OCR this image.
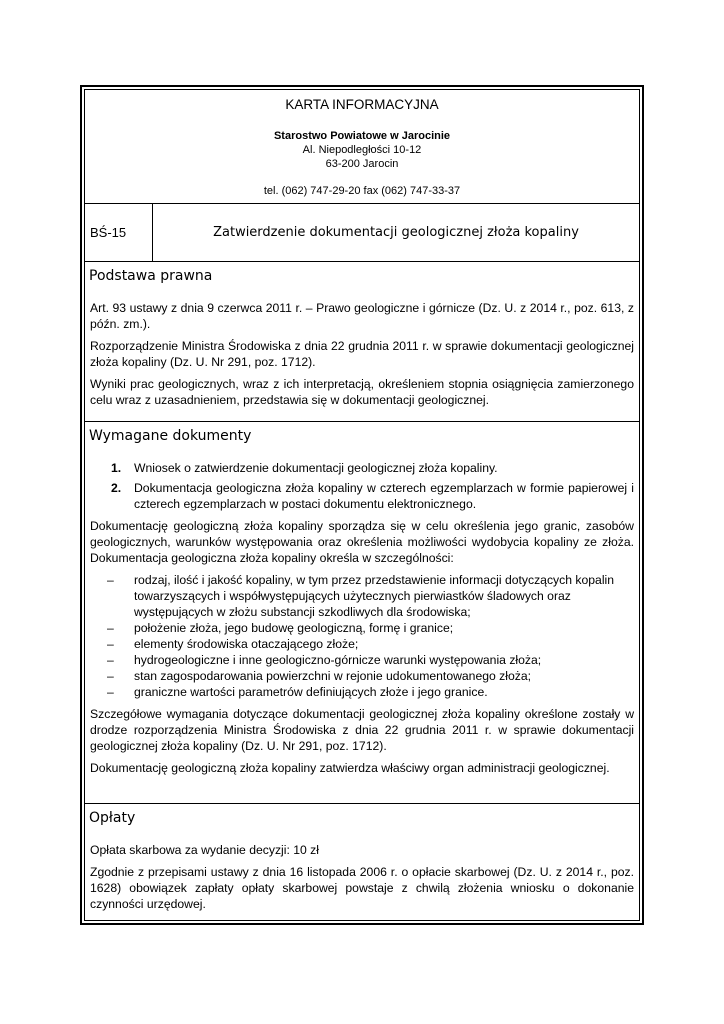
KARTA INFORMACYJNA
Starostwo Powiatowe w Jarocinie
Al. Niepodległości 10-12
63-200 Jarocin
tel. (062) 747-29-20 fax (062) 747-33-37
BŚ-15	Zatwierdzenie dokumentacji geologicznej złoża kopaliny
Podstawa prawna

Art. 93 ustawy z dnia 9 czerwca 2011 r. – Prawo geologiczne i górnicze (Dz. U. z 2014 r., poz. 613, z późn. zm.).

Rozporządzenie Ministra Środowiska z dnia 22 grudnia 2011 r. w sprawie dokumentacji geologicznej złoża kopaliny (Dz. U. Nr 291, poz. 1712).

Wyniki prac geologicznych, wraz z ich interpretacją, określeniem stopnia osiągnięcia zamierzonego celu wraz z uzasadnieniem, przedstawia się w dokumentacji geologicznej.

Wymagane dokumenty
1. Wniosek o zatwierdzenie dokumentacji geologicznej złoża kopaliny.
2. Dokumentacja geologiczna złoża kopaliny w czterech egzemplarzach w formie papierowej i czterech egzemplarzach w postaci dokumentu elektronicznego.

Dokumentację geologiczną złoża kopaliny sporządza się w celu określenia jego granic, zasobów geologicznych, warunków występowania oraz określenia możliwości wydobycia kopaliny ze złoża. Dokumentacja geologiczna złoża kopaliny określa w szczególności:

– rodzaj, ilość i jakość kopaliny, w tym przez przedstawienie informacji dotyczących kopalin towarzyszących i współwystępujących użytecznych pierwiastków śladowych oraz występujących w złożu substancji szkodliwych dla środowiska;
– położenie złoża, jego budowę geologiczną, formę i granice;
– elementy środowiska otaczającego złoże;
– hydrogeologiczne i inne geologiczno-górnicze warunki występowania złoża;
– stan zagospodarowania powierzchni w rejonie udokumentowanego złoża;
– graniczne wartości parametrów definiujących złoże i jego granice.

Szczegółowe wymagania dotyczące dokumentacji geologicznej złoża kopaliny określone zostały w drodze rozporządzenia Ministra Środowiska z dnia 22 grudnia 2011 r. w sprawie dokumentacji geologicznej złoża kopaliny (Dz. U. Nr 291, poz. 1712).

Dokumentację geologiczną złoża kopaliny zatwierdza właściwy organ administracji geologicznej.

Opłaty

Opłata skarbowa za wydanie decyzji: 10 zł

Zgodnie z przepisami ustawy z dnia 16 listopada 2006 r. o opłacie skarbowej (Dz. U. z 2014 r., poz. 1628) obowiązek zapłaty opłaty skarbowej powstaje z chwilą złożenia wniosku o dokonanie czynności urzędowej.
